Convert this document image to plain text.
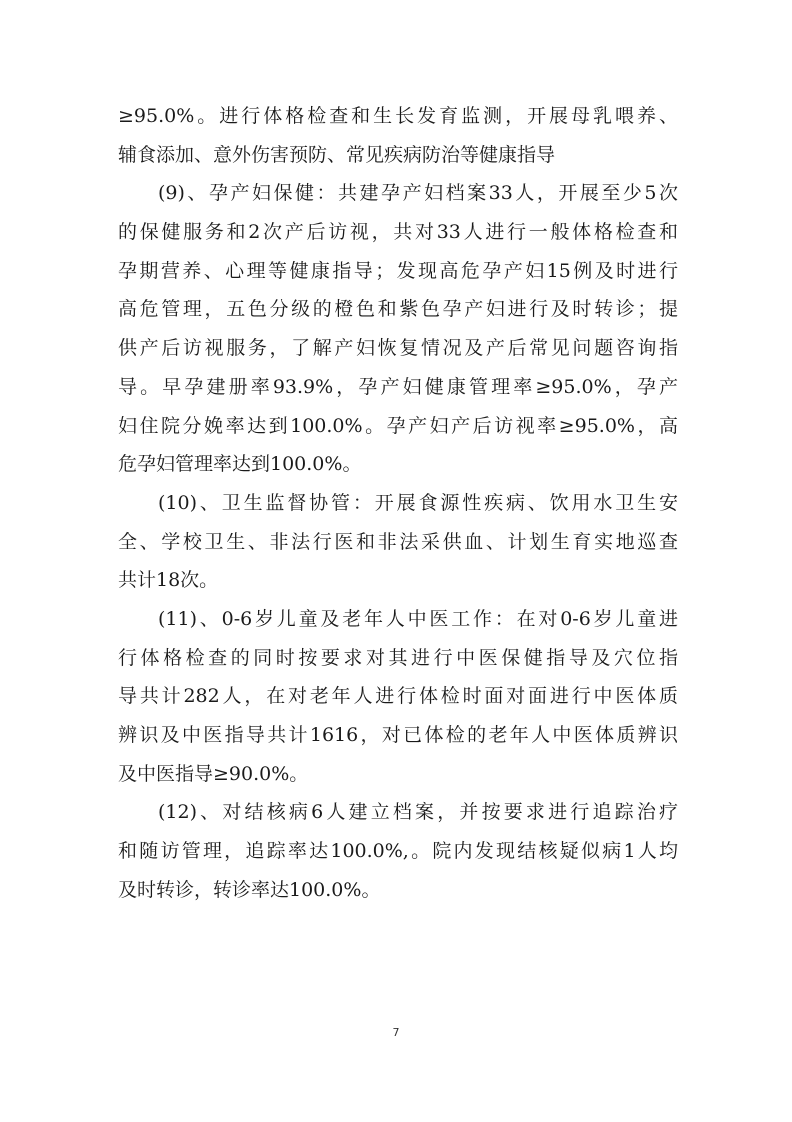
≥95.0%。进行体格检查和生长发育监测，开展母乳喂养、
辅食添加、意外伤害预防、常见疾病防治等健康指导
(9)、孕产妇保健：共建孕产妇档案33人，开展至少5次
的保健服务和2次产后访视，共对33人进行一般体格检查和
孕期营养、心理等健康指导；发现高危孕产妇15例及时进行
高危管理，五色分级的橙色和紫色孕产妇进行及时转诊；提
供产后访视服务，了解产妇恢复情况及产后常见问题咨询指
导。早孕建册率93.9%，孕产妇健康管理率≥95.0%，孕产
妇住院分娩率达到100.0%。孕产妇产后访视率≥95.0%，高
危孕妇管理率达到100.0%。
(10)、卫生监督协管：开展食源性疾病、饮用水卫生安
全、学校卫生、非法行医和非法采供血、计划生育实地巡查
共计18次。
(11)、0-6岁儿童及老年人中医工作：在对0-6岁儿童进
行体格检查的同时按要求对其进行中医保健指导及穴位指
导共计282人，在对老年人进行体检时面对面进行中医体质
辨识及中医指导共计1616，对已体检的老年人中医体质辨识
及中医指导≥90.0%。
(12)、对结核病6人建立档案，并按要求进行追踪治疗
和随访管理，追踪率达100.0%,。院内发现结核疑似病1人均
及时转诊，转诊率达100.0%。
7
